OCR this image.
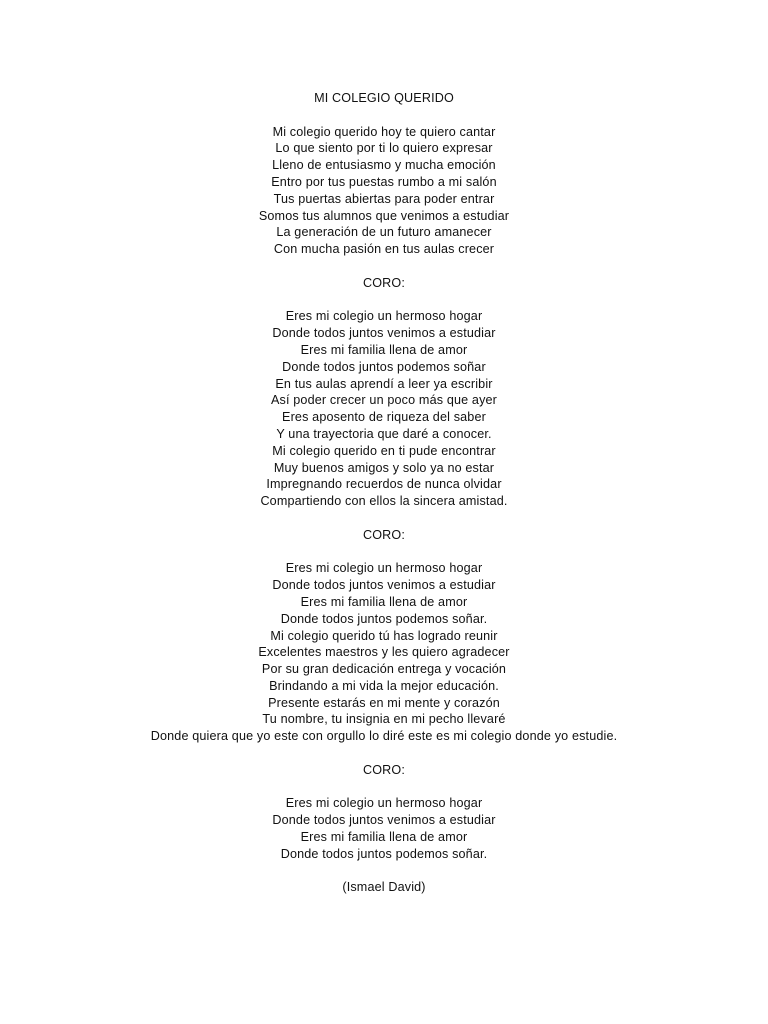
MI COLEGIO QUERIDO
Mi colegio querido hoy te quiero cantar
Lo que siento por ti lo quiero expresar
Lleno de entusiasmo y mucha emoción
Entro por tus puestas rumbo a mi salón
Tus puertas abiertas para poder entrar
Somos tus alumnos que venimos a estudiar
La generación de un futuro amanecer
Con mucha pasión en tus aulas crecer
CORO:
Eres mi colegio un hermoso hogar
Donde todos juntos venimos a estudiar
Eres mi familia llena de amor
Donde todos juntos podemos soñar
En tus aulas aprendí a leer ya escribir
Así poder crecer un poco más que ayer
Eres aposento de riqueza del saber
Y una trayectoria que daré a conocer.
Mi colegio querido en ti pude encontrar
Muy buenos amigos y solo ya no estar
Impregnando recuerdos de nunca olvidar
Compartiendo con ellos la sincera amistad.
CORO:
Eres mi colegio un hermoso hogar
Donde todos juntos venimos a estudiar
Eres mi familia llena de amor
Donde todos juntos podemos soñar.
Mi colegio querido tú has logrado reunir
Excelentes maestros y les quiero agradecer
Por su gran dedicación entrega y vocación
Brindando a mi vida la mejor educación.
Presente estarás en mi mente y corazón
Tu nombre, tu insignia en mi pecho llevaré
Donde quiera que yo este con orgullo lo diré este es mi colegio donde yo estudie.
CORO:
Eres mi colegio un hermoso hogar
Donde todos juntos venimos a estudiar
Eres mi familia llena de amor
Donde todos juntos podemos soñar.
(Ismael David)
